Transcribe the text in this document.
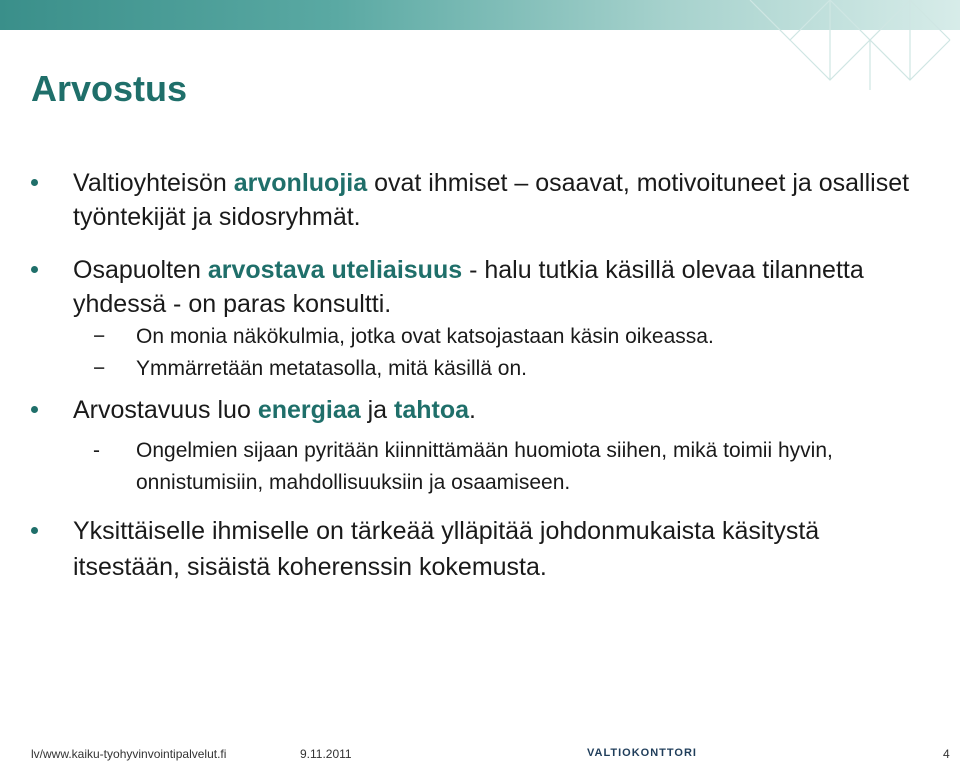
Arvostus
Valtioyhteisön arvonluojia ovat ihmiset – osaavat, motivoituneet ja osalliset työntekijät ja sidosryhmät.
Osapuolten arvostava uteliaisuus - halu tutkia käsillä olevaa tilannetta yhdessä - on paras konsultti.
− On monia näkökulmia, jotka ovat katsojastaan käsin oikeassa.
− Ymmärretään metatasolla, mitä käsillä on.
Arvostavuus luo energiaa ja tahtoa.
- Ongelmien sijaan pyritään kiinnittämään huomiota siihen, mikä toimii hyvin, onnistumisiin, mahdollisuuksiin ja osaamiseen.
Yksittäiselle ihmiselle on tärkeää ylläpitää johdonmukaista käsitystä itsestään, sisäistä koherenssin kokemusta.
lv/www.kaiku-tyohyvinvointipalvelut.fi	9.11.2011	VALTIOKONTTORI	4
